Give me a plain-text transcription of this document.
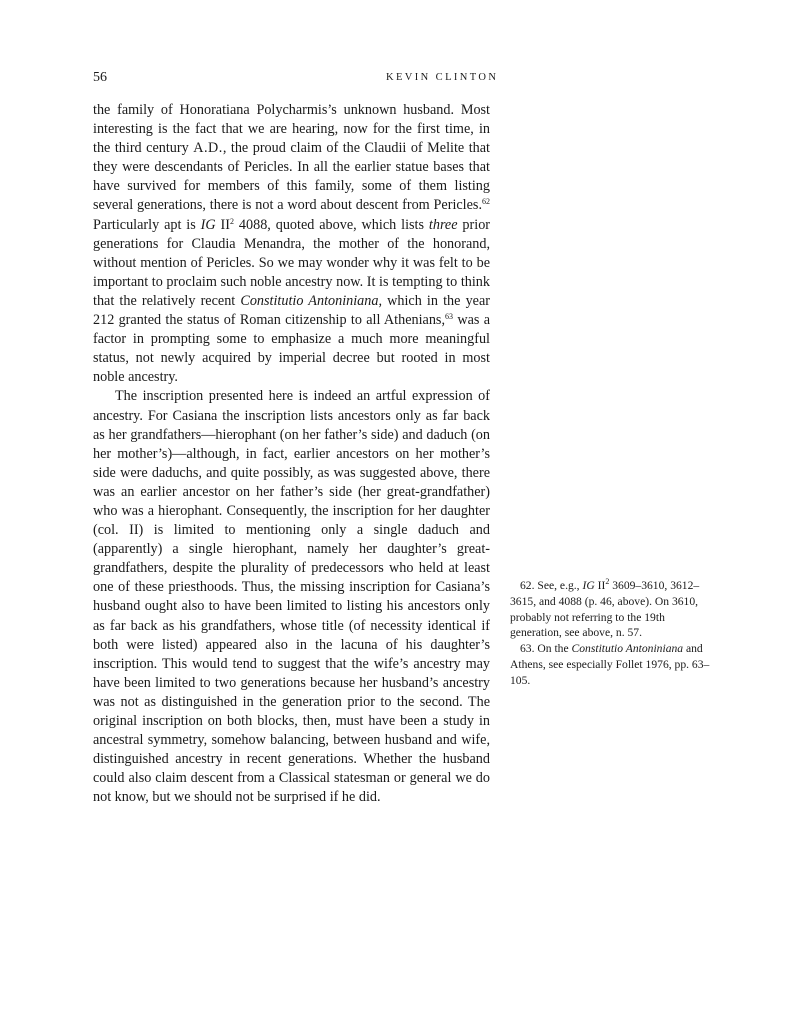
56	KEVIN CLINTON

the family of Honoratiana Polycharmis’s unknown husband. Most interesting is the fact that we are hearing, now for the first time, in the third century A.D., the proud claim of the Claudii of Melite that they were descendants of Pericles. In all the earlier statue bases that have survived for members of this family, some of them listing several generations, there is not a word about descent from Pericles.$^{62}$ Particularly apt is IG $II^2$ 4088, quoted above, which lists three prior generations for Claudia Menandra, the mother of the honorand, without mention of Pericles. So we may wonder why it was felt to be important to proclaim such noble ancestry now. It is tempting to think that the relatively recent Constitutio Antoniniana, which in the year 212 granted the status of Roman citizenship to all Athenians,$^{63}$ was a factor in prompting some to emphasize a much more meaningful status, not newly acquired by imperial decree but rooted in most noble ancestry.

The inscription presented here is indeed an artful expression of ancestry. For Casiana the inscription lists ancestors only as far back as her grandfathers—hierophant (on her father’s side) and daduch (on her mother’s)—although, in fact, earlier ancestors on her mother’s side were daduchs, and quite possibly, as was suggested above, there was an earlier ancestor on her father’s side (her great-grandfather) who was a hierophant. Consequently, the inscription for her daughter (col. II) is limited to mentioning only a single daduch and (apparently) a single hierophant, namely her daughter’s great-grandfathers, despite the plurality of predecessors who held at least one of these priesthoods. Thus, the missing inscription for Casiana’s husband ought also to have been limited to listing his ancestors only as far back as his grandfathers, whose title (of necessity identical if both were listed) appeared also in the lacuna of his daughter’s inscription. This would tend to suggest that the wife’s ancestry may have been limited to two generations because her husband’s ancestry was not as distinguished in the generation prior to the second. The original inscription on both blocks, then, must have been a study in ancestral symmetry, somehow balancing, between husband and wife, distinguished ancestry in recent generations. Whether the husband could also claim descent from a Classical statesman or general we do not know, but we should not be surprised if he did.

62. See, e.g., IG $II^2$ 3609–3610, 3612–3615, and 4088 (p. 46, above). On 3610, probably not referring to the 19th generation, see above, n. 57.

63. On the Constitutio Antoniniana and Athens, see especially Follet 1976, pp. 63–105.
